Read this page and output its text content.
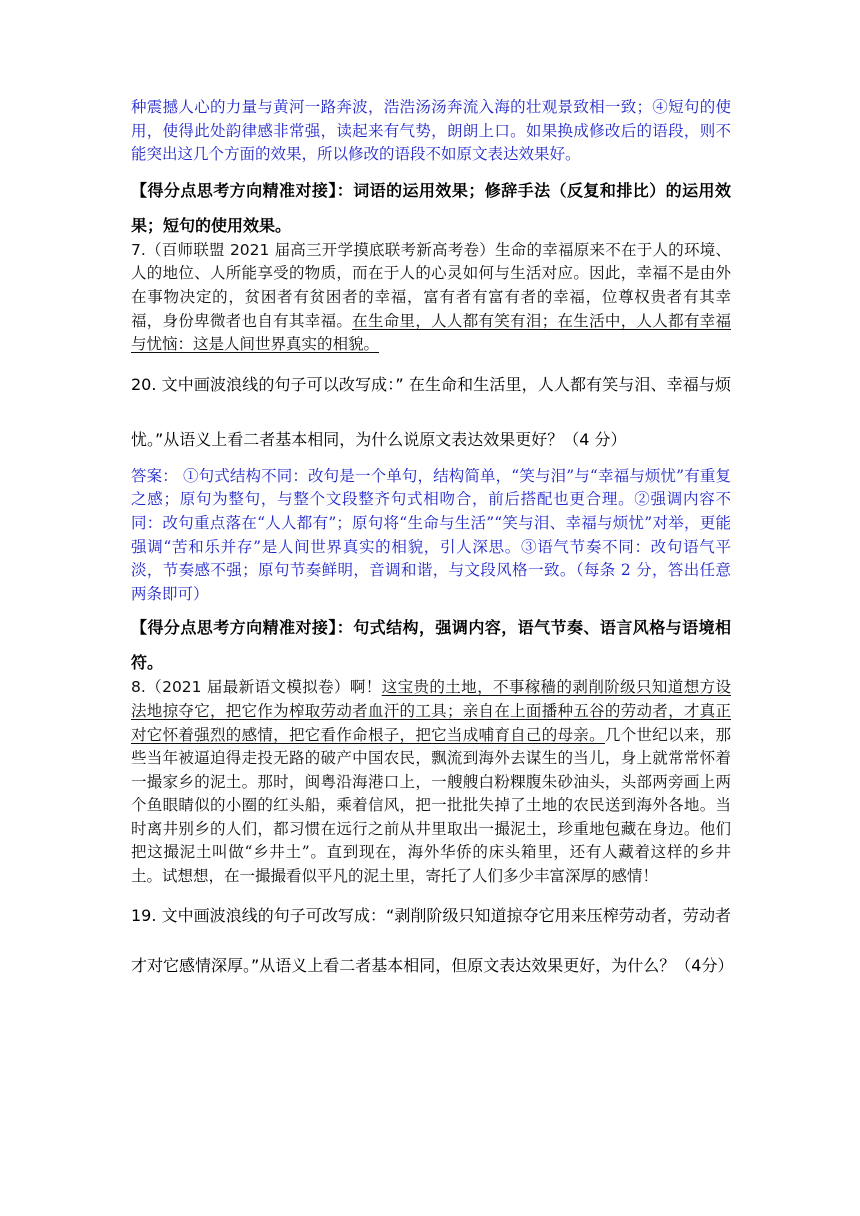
种震撼人心的力量与黄河一路奔波，浩浩汤汤奔流入海的壮观景致相一致；④短句的使用，使得此处韵律感非常强，读起来有气势，朗朗上口。如果换成修改后的语段，则不能突出这几个方面的效果，所以修改的语段不如原文表达效果好。

【得分点思考方向精准对接】：词语的运用效果；修辞手法（反复和排比）的运用效果；短句的使用效果。

7.（百师联盟 2021 届高三开学摸底联考新高考卷）生命的幸福原来不在于人的环境、人的地位、人所能享受的物质，而在于人的心灵如何与生活对应。因此，幸福不是由外在事物决定的，贫困者有贫困者的幸福，富有者有富有者的幸福，位尊权贵者有其幸福，身份卑微者也自有其幸福。在生命里，人人都有笑有泪；在生活中，人人都有幸福与忧恼：这是人间世界真实的相貌。

20. 文中画波浪线的句子可以改写成：” 在生命和生活里，人人都有笑与泪、幸福与烦忧。”从语义上看二者基本相同，为什么说原文表达效果更好？（4 分）

答案： ①句式结构不同：改句是一个单句，结构简单，“笑与泪”与“幸福与烦忧”有重复之感；原句为整句，与整个文段整齐句式相吻合，前后搭配也更合理。②强调内容不同：改句重点落在“人人都有”；原句将“生命与生活”“笑与泪、幸福与烦忧”对举，更能强调“苦和乐并存”是人间世界真实的相貌，引人深思。③语气节奏不同：改句语气平淡，节奏感不强；原句节奏鲜明，音调和谐，与文段风格一致。（每条 2 分，答出任意两条即可）

【得分点思考方向精准对接】：句式结构，强调内容，语气节奏、语言风格与语境相符。

8.（2021 届最新语文模拟卷）啊！这宝贵的土地，不事稼穑的剥削阶级只知道想方设法地掠夺它，把它作为榨取劳动者血汗的工具；亲自在上面播种五谷的劳动者，才真正对它怀着强烈的感情，把它看作命根子，把它当成哺育自己的母亲。几个世纪以来，那些当年被逼迫得走投无路的破产中国农民，飘流到海外去谋生的当儿，身上就常常怀着一撮家乡的泥土。那时，闽粤沿海港口上，一艘艘白粉粿腹朱砂油头，头部两旁画上两个鱼眼睛似的小圈的红头船，乘着信风，把一批批失掉了土地的农民送到海外各地。当时离井别乡的人们，都习惯在远行之前从井里取出一撮泥土，珍重地包藏在身边。他们把这撮泥土叫做“乡井土”。直到现在，海外华侨的床头箱里，还有人藏着这样的乡井土。试想想，在一撮撮看似平凡的泥土里，寄托了人们多少丰富深厚的感情！

19. 文中画波浪线的句子可改写成：“剥削阶级只知道掠夺它用来压榨劳动者，劳动者才对它感情深厚。”从语义上看二者基本相同，但原文表达效果更好，为什么？（4分）
